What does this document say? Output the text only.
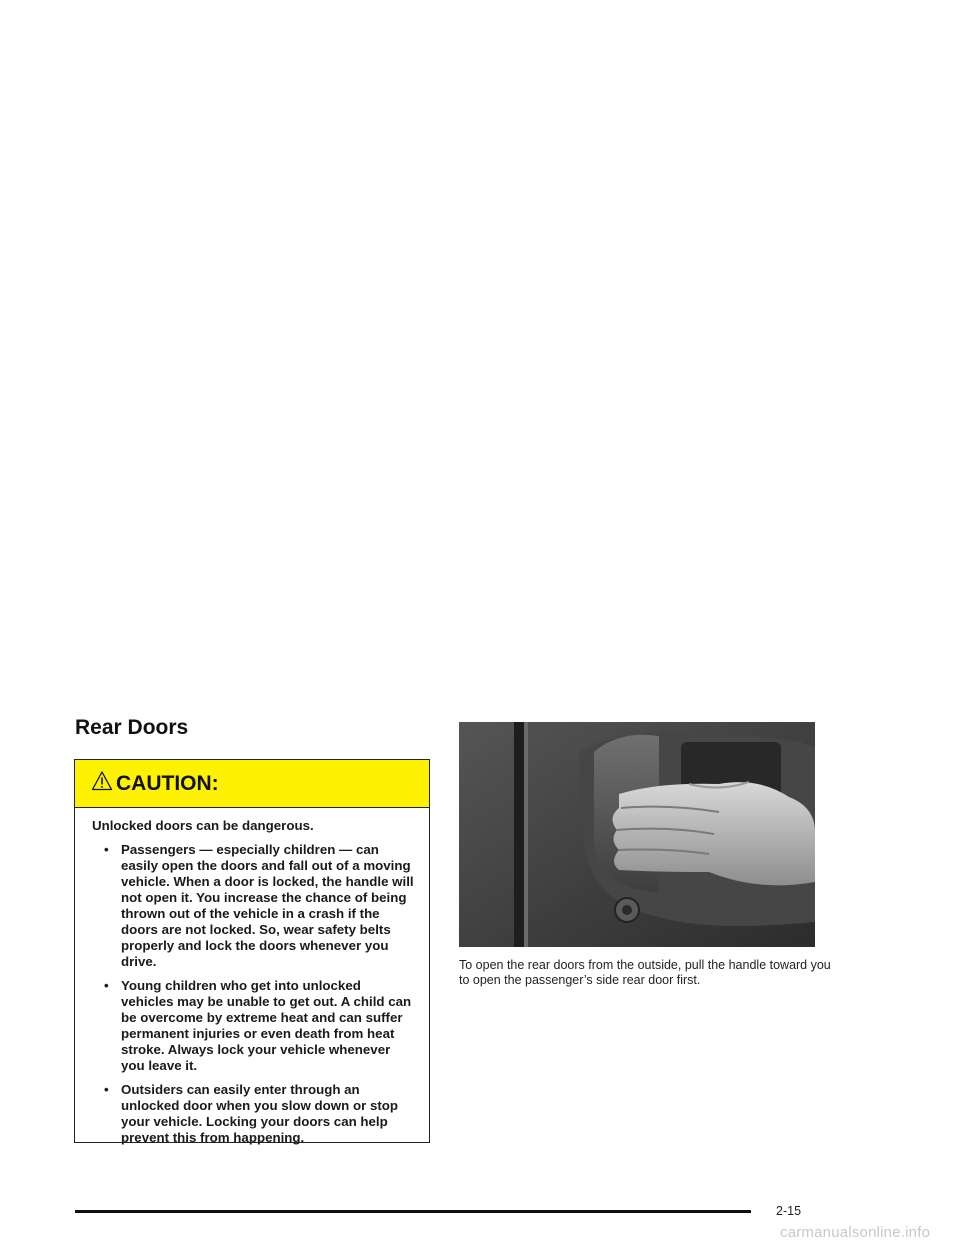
Rear Doors
CAUTION:

Unlocked doors can be dangerous.

• Passengers — especially children — can easily open the doors and fall out of a moving vehicle. When a door is locked, the handle will not open it. You increase the chance of being thrown out of the vehicle in a crash if the doors are not locked. So, wear safety belts properly and lock the doors whenever you drive.
• Young children who get into unlocked vehicles may be unable to get out. A child can be overcome by extreme heat and can suffer permanent injuries or even death from heat stroke. Always lock your vehicle whenever you leave it.
• Outsiders can easily enter through an unlocked door when you slow down or stop your vehicle. Locking your doors can help prevent this from happening.

To open the rear doors from the outside, pull the handle toward you to open the passenger’s side rear door first.

2-15
carmanualsonline.info
